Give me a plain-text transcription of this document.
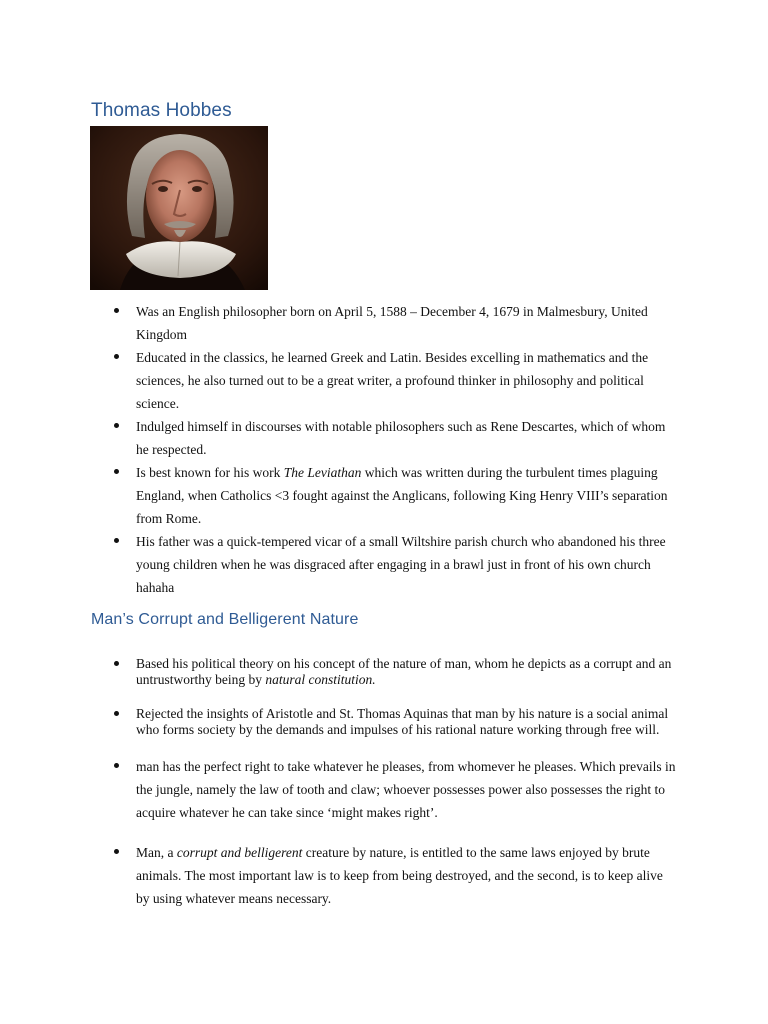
Thomas Hobbes
Was an English philosopher born on April 5, 1588 – December 4, 1679 in Malmesbury, United Kingdom
Educated in the classics, he learned Greek and Latin. Besides excelling in mathematics and the sciences, he also turned out to be a great writer, a profound thinker in philosophy and political science.
Indulged himself in discourses with notable philosophers such as Rene Descartes, which of whom he respected.
Is best known for his work The Leviathan which was written during the turbulent times plaguing England, when Catholics <3 fought against the Anglicans, following King Henry VIII’s separation from Rome.
His father was a quick-tempered vicar of a small Wiltshire parish church who abandoned his three young children when he was disgraced after engaging in a brawl just in front of his own church hahaha
Man’s Corrupt and Belligerent Nature
Based his political theory on his concept of the nature of man, whom he depicts as a corrupt and an untrustworthy being by natural constitution.
Rejected the insights of Aristotle and St. Thomas Aquinas that man by his nature is a social animal who forms society by the demands and impulses of his rational nature working through free will.
man has the perfect right to take whatever he pleases, from whomever he pleases. Which prevails in the jungle, namely the law of tooth and claw; whoever possesses power also possesses the right to acquire whatever he can take since ‘might makes right’.
Man, a corrupt and belligerent creature by nature, is entitled to the same laws enjoyed by brute animals. The most important law is to keep from being destroyed, and the second, is to keep alive by using whatever means necessary.
